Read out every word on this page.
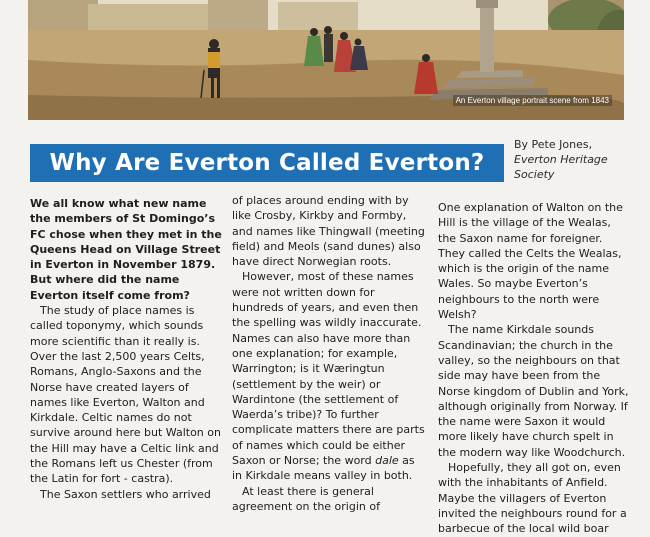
An Everton village portrait scene from 1843
Why Are Everton Called Everton?
By Pete Jones,
Everton Heritage Society

We all know what new name the members of St Domingo’s FC chose when they met in the Queens Head on Village Street in Everton in November 1879. But where did the name Everton itself come from?

The study of place names is called toponymy, which sounds more scientific than it really is. Over the last 2,500 years Celts, Romans, Anglo-Saxons and the Norse have created layers of names like Everton, Walton and Kirkdale. Celtic names do not survive around here but Walton on the Hill may have a Celtic link and the Romans left us Chester (from the Latin for fort - castra).

The Saxon settlers who arrived

of places around ending with by like Crosby, Kirkby and Formby, and names like Thingwall (meeting field) and Meols (sand dunes) also have direct Norwegian roots.

However, most of these names were not written down for hundreds of years, and even then the spelling was wildly inaccurate. Names can also have more than one explanation; for example, Warrington; is it Wæringtun (settlement by the weir) or Wardintone (the settlement of Waerda’s tribe)? To further complicate matters there are parts of names which could be either Saxon or Norse; the word dale as in Kirkdale means valley in both.

At least there is general agreement on the origin of

One explanation of Walton on the Hill is the village of the Wealas, the Saxon name for foreigner. They called the Celts the Wealas, which is the origin of the name Wales. So maybe Everton’s neighbours to the north were Welsh?

The name Kirkdale sounds Scandinavian; the church in the valley, so the neighbours on that side may have been from the Norse kingdom of Dublin and York, although originally from Norway. If the name were Saxon it would more likely have church spelt in the modern way like Woodchurch.

Hopefully, they all got on, even with the inhabitants of Anfield. Maybe the villagers of Everton invited the neighbours round for a barbecue of the local wild boar
